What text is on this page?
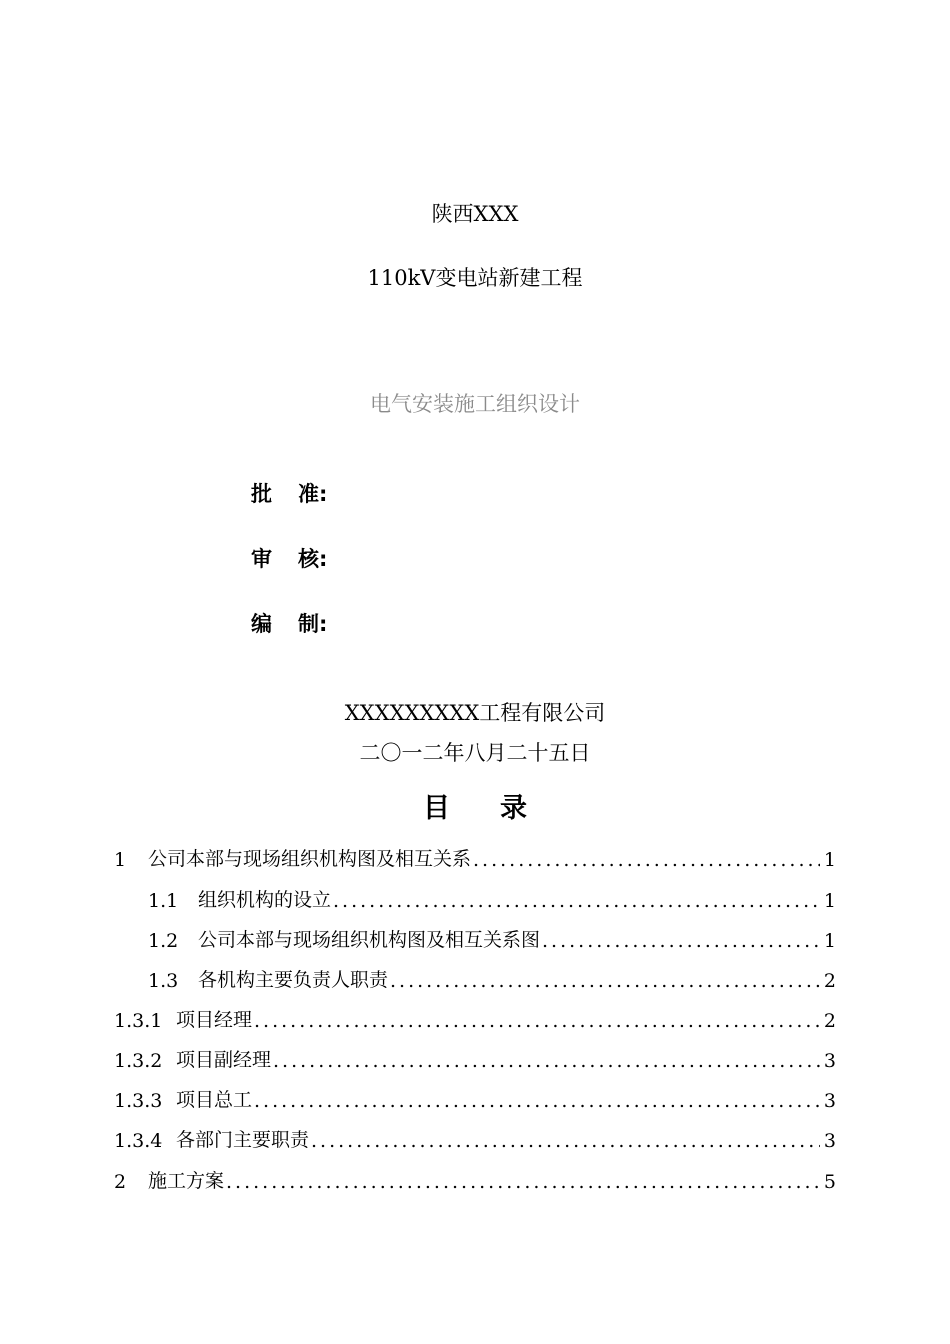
陕西XXX
110kV变电站新建工程
电气安装施工组织设计
批 准:
审 核:
编 制:
XXXXXXXXX工程有限公司
二〇一二年八月二十五日
目 录
1	公司本部与现场组织机构图及相互关系 .....	1
1.1	组织机构的设立 .....	1
1.2	公司本部与现场组织机构图及相互关系图 .....	1
1.3	各机构主要负责人职责 .....	2
1.3.1 项目经理 .....	2
1.3.2 项目副经理 .....	3
1.3.3 项目总工 .....	3
1.3.4 各部门主要职责 .....	3
2	施工方案 .....	5
